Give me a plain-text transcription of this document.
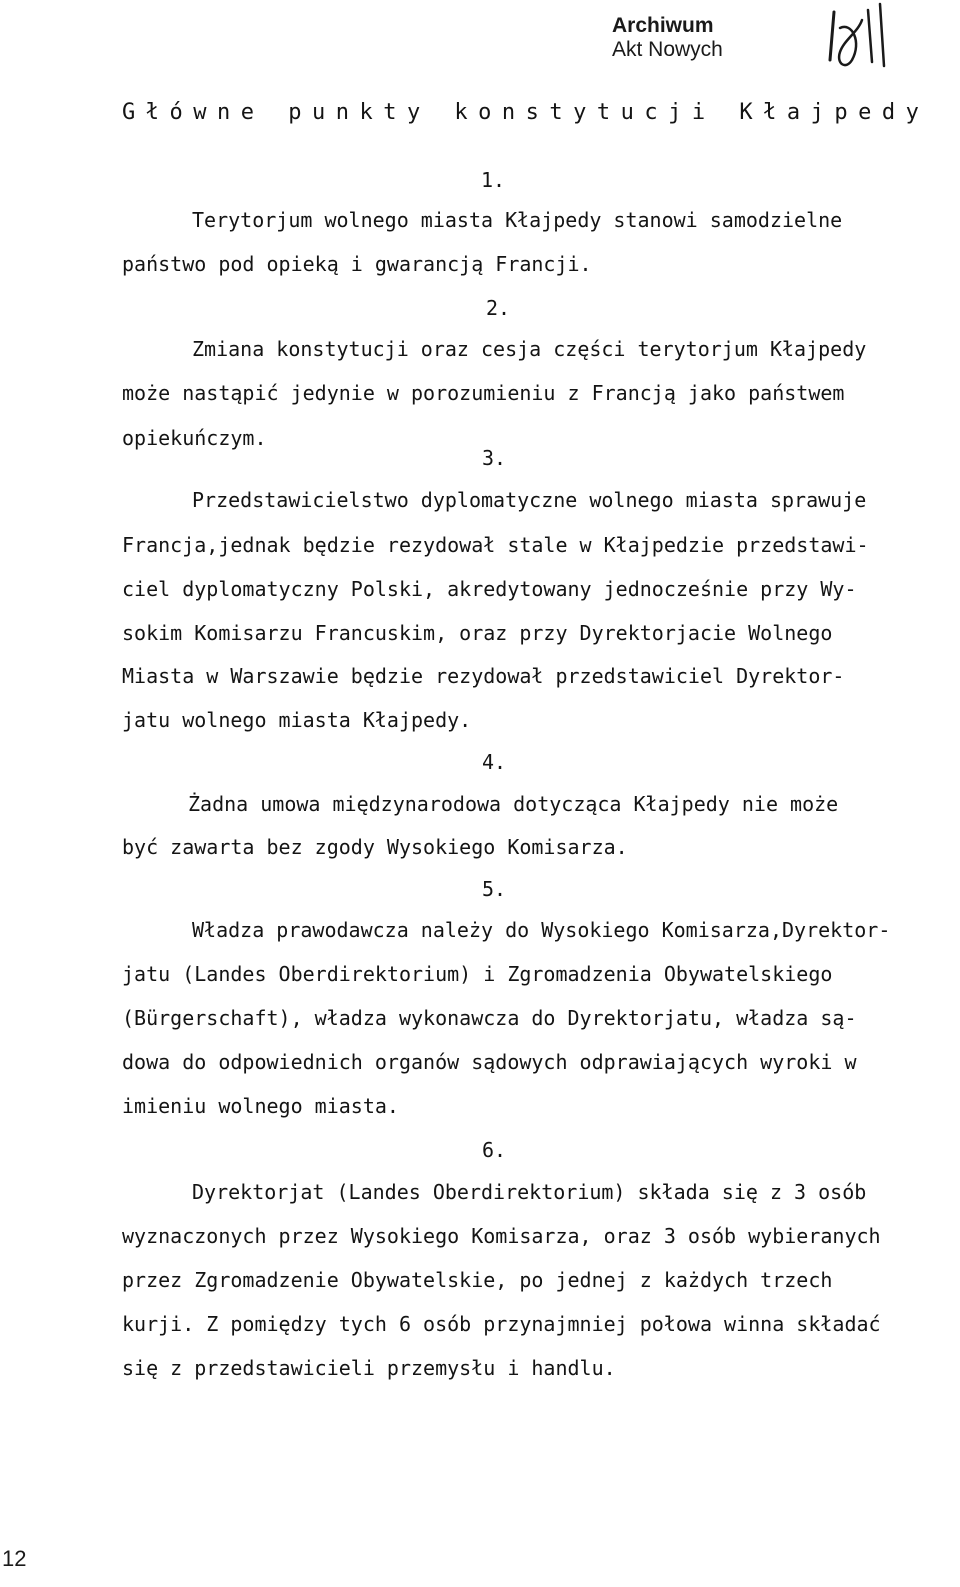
Archiwum
Akt Nowych
Główne punkty konstytucji Kłajpedy
1.
Terytorjum wolnego miasta Kłajpedy stanowi samodzielne
państwo pod opieką i gwarancją Francji.
2.
Zmiana konstytucji oraz cesja części terytorjum Kłajpedy
może nastąpić jedynie w porozumieniu z Francją jako państwem
opiekuńczym.
3.
Przedstawicielstwo dyplomatyczne wolnego miasta sprawuje
Francja,jednak będzie rezydował stale w Kłajpedzie przedstawi-
ciel dyplomatyczny Polski, akredytowany jednocześnie przy Wy-
sokim Komisarzu Francuskim, oraz przy Dyrektorjacie Wolnego
Miasta w Warszawie będzie rezydował przedstawiciel Dyrektor-
jatu wolnego miasta Kłajpedy.
4.
Żadna umowa międzynarodowa dotycząca Kłajpedy nie może
być zawarta bez zgody Wysokiego Komisarza.
5.
Władza prawodawcza należy do Wysokiego Komisarza,Dyrektor-
jatu (Landes Oberdirektorium) i Zgromadzenia Obywatelskiego
(Bürgerschaft), władza wykonawcza do Dyrektorjatu, władza są-
dowa do odpowiednich organów sądowych odprawiających wyroki w
imieniu wolnego miasta.
6.
Dyrektorjat (Landes Oberdirektorium) składa się z 3 osób
wyznaczonych przez Wysokiego Komisarza, oraz 3 osób wybieranych
przez Zgromadzenie Obywatelskie, po jednej z każdych trzech
kurji. Z pomiędzy tych 6 osób przynajmniej połowa winna składać
się z przedstawicieli przemysłu i handlu.
12
